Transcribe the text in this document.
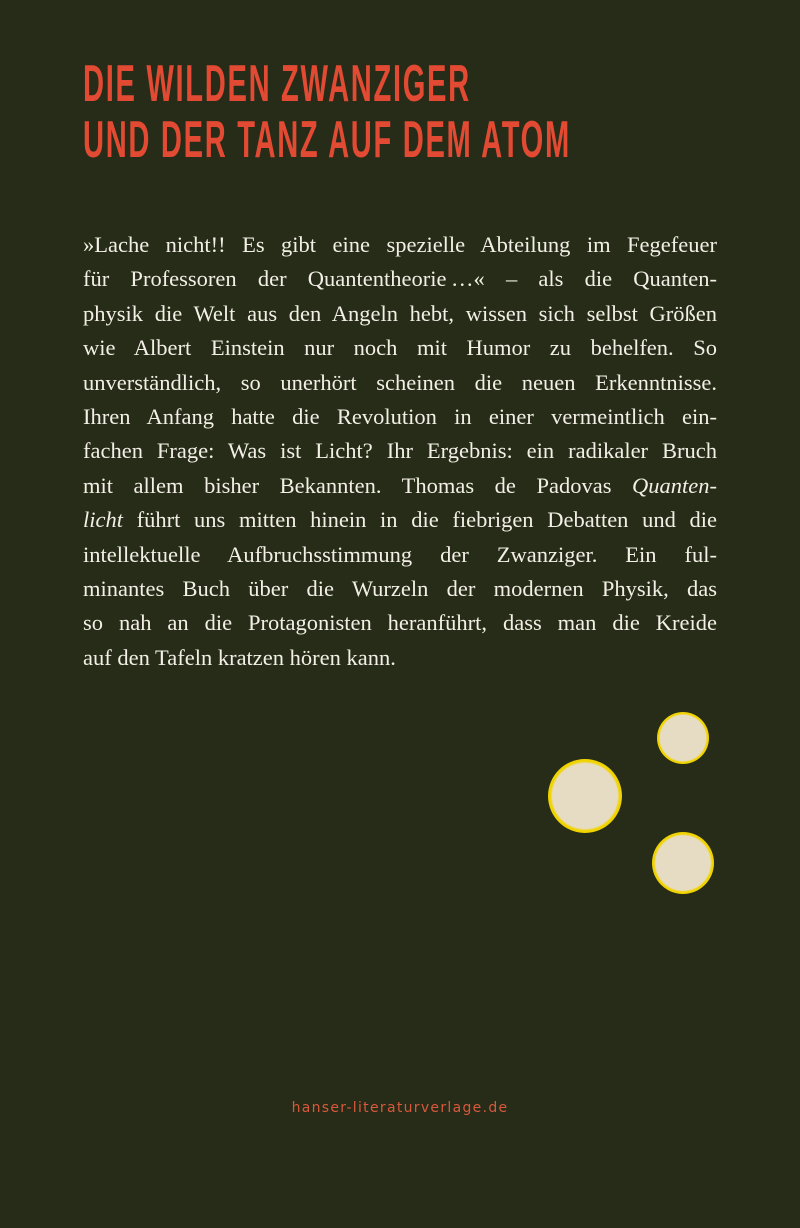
DIE WILDEN ZWANZIGER
UND DER TANZ AUF DEM ATOM
»Lache nicht!! Es gibt eine spezielle Abteilung im Fegefeuer
für Professoren der Quantentheorie …« – als die Quanten-
physik die Welt aus den Angeln hebt, wissen sich selbst Größen
wie Albert Einstein nur noch mit Humor zu behelfen. So
unverständlich, so unerhört scheinen die neuen Erkenntnisse.
Ihren Anfang hatte die Revolution in einer vermeintlich ein-
fachen Frage: Was ist Licht? Ihr Ergebnis: ein radikaler Bruch
mit allem bisher Bekannten. Thomas de Padovas Quanten-
licht führt uns mitten hinein in die fiebrigen Debatten und die
intellektuelle Aufbruchsstimmung der Zwanziger. Ein ful-
minantes Buch über die Wurzeln der modernen Physik, das
so nah an die Protagonisten heranführt, dass man die Kreide
auf den Tafeln kratzen hören kann.
hanser-literaturverlage.de
